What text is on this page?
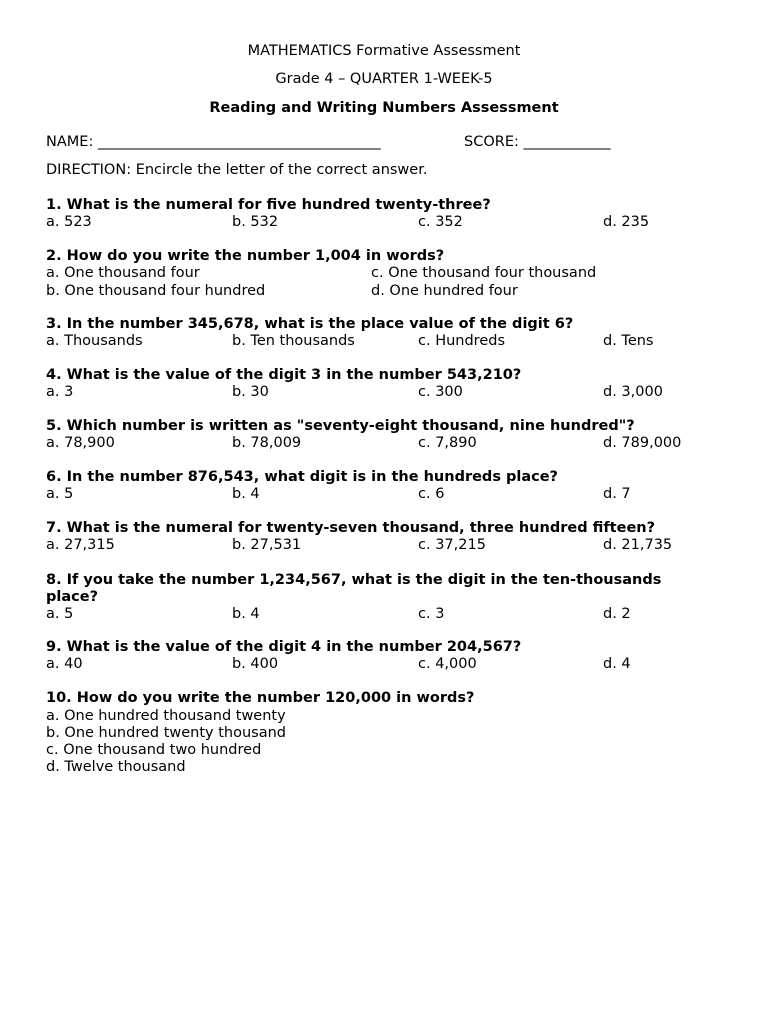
MATHEMATICS Formative Assessment
Grade 4 – QUARTER 1-WEEK-5
Reading and Writing Numbers Assessment
NAME: _______________________________________	SCORE: ____________
DIRECTION: Encircle the letter of the correct answer.
1. What is the numeral for five hundred twenty-three?
a. 523	b. 532	c. 352	d. 235
2. How do you write the number 1,004 in words?
a. One thousand four	c. One thousand four thousand
b. One thousand four hundred	d. One hundred four
3. In the number 345,678, what is the place value of the digit 6?
a. Thousands	b. Ten thousands	c. Hundreds	d. Tens
4. What is the value of the digit 3 in the number 543,210?
a. 3	b. 30	c. 300	d. 3,000
5. Which number is written as "seventy-eight thousand, nine hundred"?
a. 78,900	b. 78,009	c. 7,890	d. 789,000
6. In the number 876,543, what digit is in the hundreds place?
a. 5	b. 4	c. 6	d. 7
7. What is the numeral for twenty-seven thousand, three hundred fifteen?
a. 27,315	b. 27,531	c. 37,215	d. 21,735
8. If you take the number 1,234,567, what is the digit in the ten-thousands place?
a. 5	b. 4	c. 3	d. 2
9. What is the value of the digit 4 in the number 204,567?
a. 40	b. 400	c. 4,000	d. 4
10. How do you write the number 120,000 in words?
a. One hundred thousand twenty
b. One hundred twenty thousand
c. One thousand two hundred
d. Twelve thousand
